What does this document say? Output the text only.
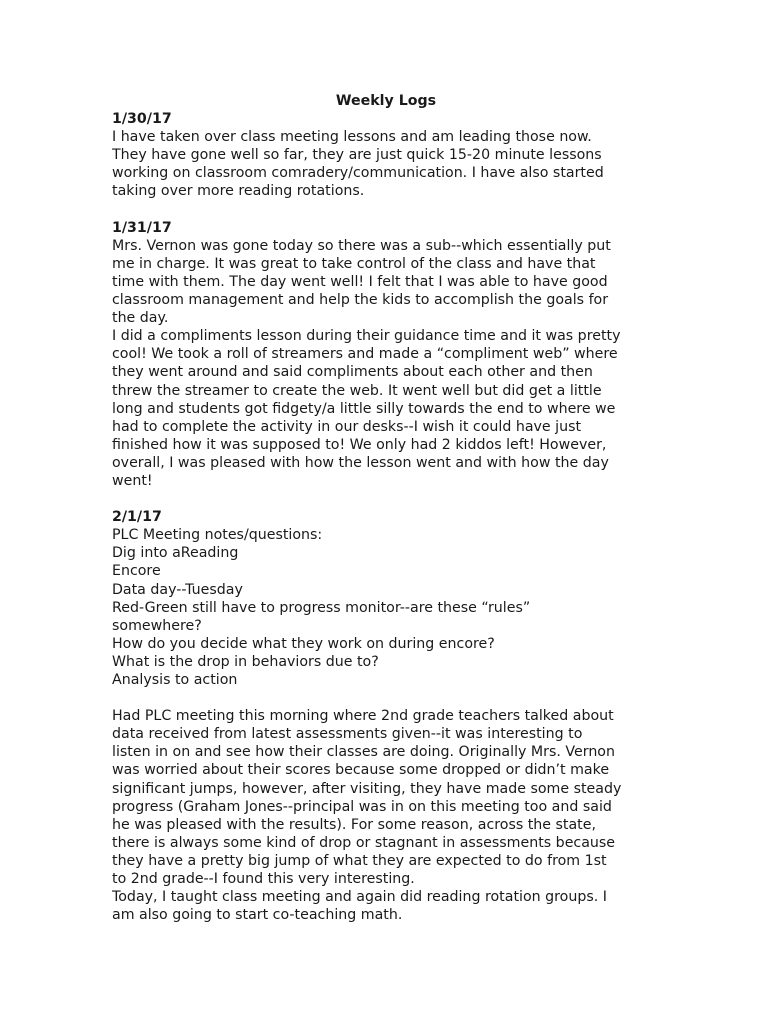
Weekly Logs

1/30/17

I have taken over class meeting lessons and am leading those now.
They have gone well so far, they are just quick 15-20 minute lessons
working on classroom comradery/communication. I have also started
taking over more reading rotations.

1/31/17

Mrs. Vernon was gone today so there was a sub--which essentially put
me in charge. It was great to take control of the class and have that
time with them. The day went well! I felt that I was able to have good
classroom management and help the kids to accomplish the goals for
the day.

I did a compliments lesson during their guidance time and it was pretty
cool! We took a roll of streamers and made a “compliment web” where
they went around and said compliments about each other and then
threw the streamer to create the web. It went well but did get a little
long and students got fidgety/a little silly towards the end to where we
had to complete the activity in our desks--I wish it could have just
finished how it was supposed to! We only had 2 kiddos left! However,
overall, I was pleased with how the lesson went and with how the day
went!

2/1/17

PLC Meeting notes/questions:

Dig into aReading

Encore

Data day--Tuesday

Red-Green still have to progress monitor--are these “rules”
somewhere?

How do you decide what they work on during encore?

What is the drop in behaviors due to?

Analysis to action

Had PLC meeting this morning where 2nd grade teachers talked about
data received from latest assessments given--it was interesting to
listen in on and see how their classes are doing. Originally Mrs. Vernon
was worried about their scores because some dropped or didn’t make
significant jumps, however, after visiting, they have made some steady
progress (Graham Jones--principal was in on this meeting too and said
he was pleased with the results). For some reason, across the state,
there is always some kind of drop or stagnant in assessments because
they have a pretty big jump of what they are expected to do from 1st
to 2nd grade--I found this very interesting.

Today, I taught class meeting and again did reading rotation groups. I
am also going to start co-teaching math.
